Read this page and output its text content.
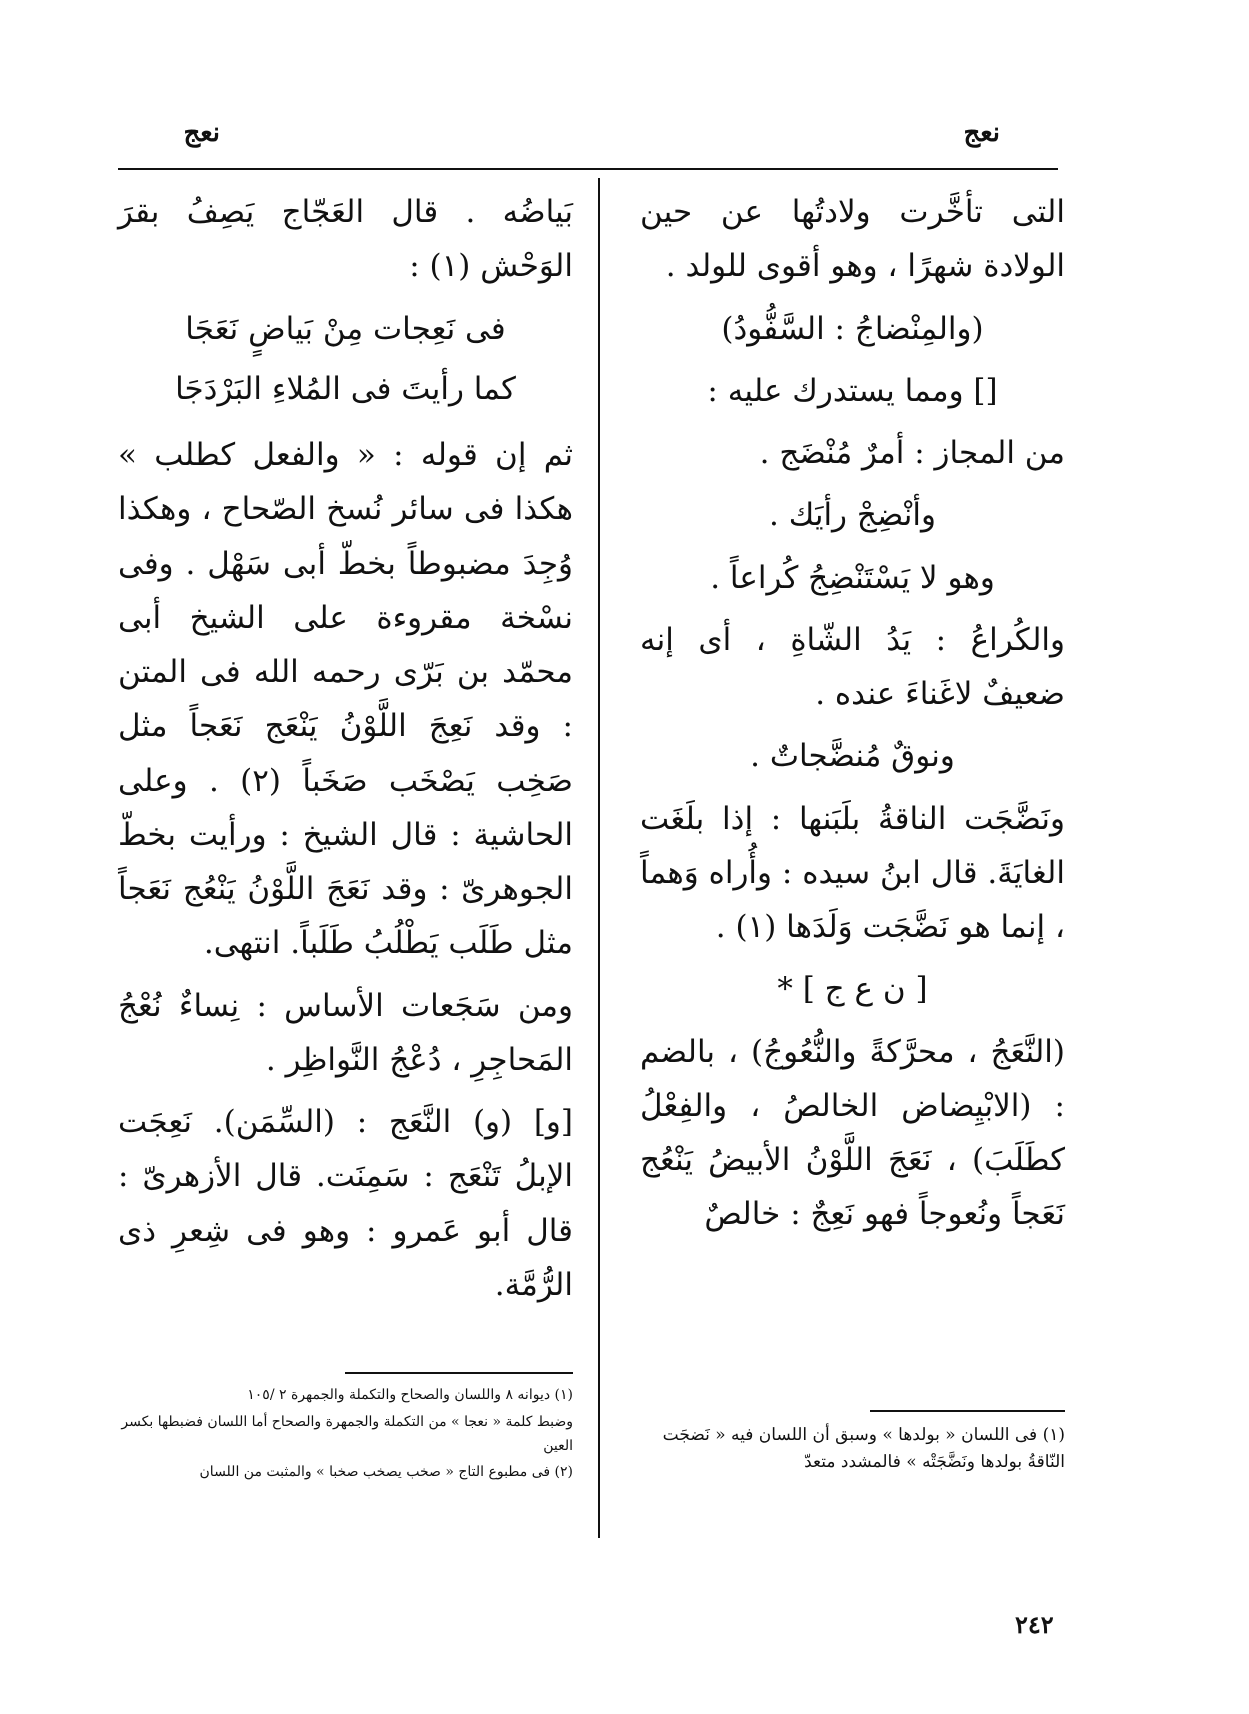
نعج
نعج

التى تأخَّرت ولادتُها عن حين الولادة شهرًا ، وهو أقوى للولد .

(والمِنْضاجُ : السَّفُّودُ)

[] ومما يستدرك عليه :

من المجاز : أمرٌ مُنْضَج .

وأنْضِجْ رأيَك .

وهو لا يَسْتَنْضِجُ كُراعاً .

والكُراعُ : يَدُ الشّاةِ ، أى إنه ضعيفٌ لاغَناءَ عنده .

ونوقٌ مُنضَّجاتٌ .

ونَضَّجَت الناقةُ بلَبَنها : إذا بلَغَت الغايَةَ. قال ابنُ سيده : وأُراه وَهماً ، إنما هو نَضَّجَت وَلَدَها (١) .

[ ن ع ج ] *

(النَّعَجُ ، محرَّكةً والنُّعُوجُ) ، بالضم : (الابْيِضاض الخالصُ ، والفِعْلُ كطَلَبَ) ، نَعَجَ اللَّوْنُ الأبيضُ يَنْعُج نَعَجاً ونُعوجاً فهو نَعِجٌ : خالصٌ

بَياضُه . قال العَجّاج يَصِفُ بقرَ الوَحْش (١) :

فى نَعِجات مِنْ بَياضٍ نَعَجَا
كما رأيتَ فى المُلاءِ البَرْدَجَا

ثم إن قوله : « والفعل كطلب » هكذا فى سائر نُسخ الصّحاح ، وهكذا وُجِدَ مضبوطاً بخطّ أبى سَهْل . وفى نسْخة مقروءة على الشيخ أبى محمّد بن بَرّى رحمه الله فى المتن : وقد نَعِجَ اللَّوْنُ يَنْعَج نَعَجاً مثل صَخِب يَصْخَب صَخَباً (٢) . وعلى الحاشية : قال الشيخ : ورأيت بخطّ الجوهرىّ : وقد نَعَجَ اللَّوْنُ يَنْعُج نَعَجاً مثل طَلَب يَطْلُبُ طَلَباً. انتهى.

ومن سَجَعات الأساس : نِساءٌ نُعْجُ المَحاجِرِ ، دُعْجُ النَّواظِر .

[و] (و) النَّعَج : (السِّمَن). نَعِجَت الإبلُ تَنْعَج : سَمِنَت. قال الأزهرىّ : قال أبو عَمرو : وهو فى شِعرِ ذى الرُّمَّة.

(١) فى اللسان « بولدها » وسبق أن اللسان فيه « نَضجَت النّاقةُ بولدها ونَضَّجَتْه » فالمشدد متعدّ

(١) ديوانه ٨ واللسان والصحاح والتكملة والجمهرة ٢ /١٠٥

وضبط كلمة « نعجا » من التكملة والجمهرة والصحاح أما اللسان فضبطها بكسر العين

(٢) فى مطبوع التاج « صخب يصخب صخبا » والمثبت من اللسان

٢٤٢
